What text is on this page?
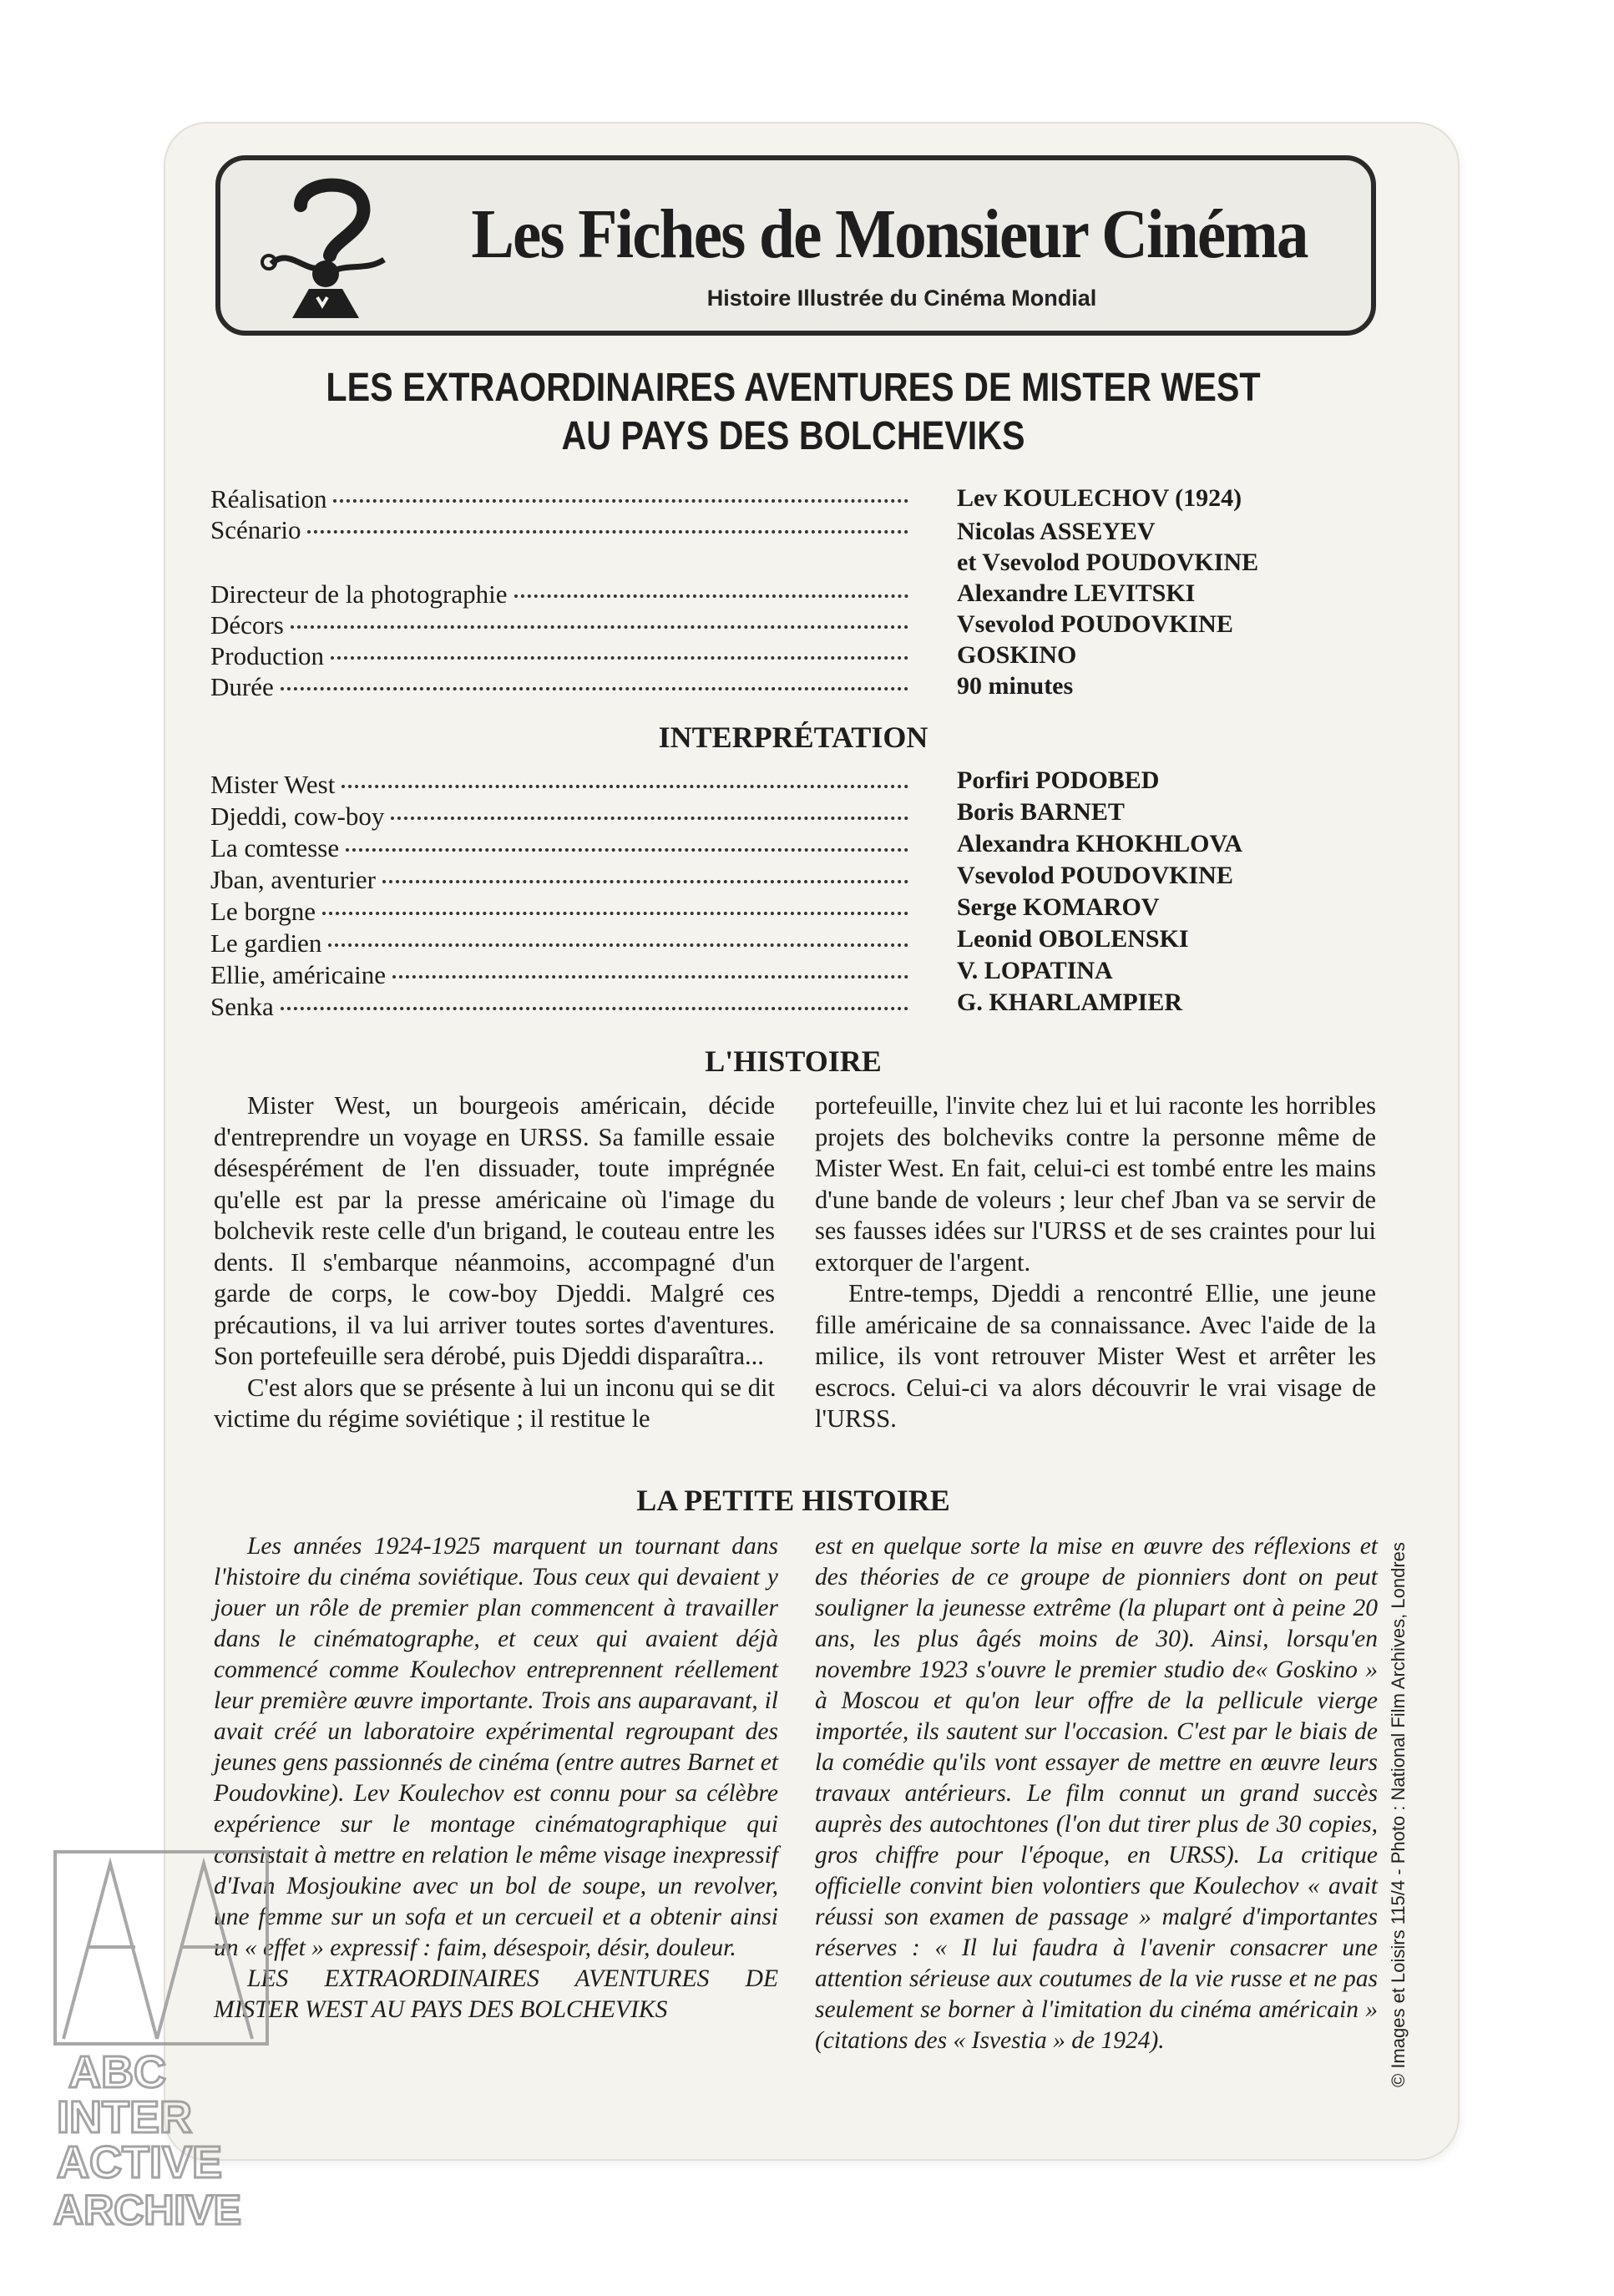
Les Fiches de Monsieur Cinéma
Histoire Illustrée du Cinéma Mondial
LES EXTRAORDINAIRES AVENTURES DE MISTER WEST
AU PAYS DES BOLCHEVIKS
Réalisation	Lev KOULECHOV (1924)
Scénario	Nicolas ASSEYEV
et Vsevolod POUDOVKINE
Directeur de la photographie	Alexandre LEVITSKI
Décors	Vsevolod POUDOVKINE
Production	GOSKINO
Durée	90 minutes
INTERPRÉTATION
Mister West	Porfiri PODOBED
Djeddi, cow-boy	Boris BARNET
La comtesse	Alexandra KHOKHLOVA
Jban, aventurier	Vsevolod POUDOVKINE
Le borgne	Serge KOMAROV
Le gardien	Leonid OBOLENSKI
Ellie, américaine	V. LOPATINA
Senka	G. KHARLAMPIER
L'HISTOIRE

Mister West, un bourgeois américain, décide d'entreprendre un voyage en URSS. Sa famille essaie désespérément de l'en dissuader, toute imprégnée qu'elle est par la presse américaine où l'image du bolchevik reste celle d'un brigand, le couteau entre les dents. Il s'embarque néanmoins, accompagné d'un garde de corps, le cow-boy Djeddi. Malgré ces précautions, il va lui arriver toutes sortes d'aventures. Son portefeuille sera dérobé, puis Djeddi disparaîtra...

C'est alors que se présente à lui un inconu qui se dit victime du régime soviétique ; il restitue le

portefeuille, l'invite chez lui et lui raconte les horribles projets des bolcheviks contre la personne même de Mister West. En fait, celui-ci est tombé entre les mains d'une bande de voleurs ; leur chef Jban va se servir de ses fausses idées sur l'URSS et de ses craintes pour lui extorquer de l'argent.

Entre-temps, Djeddi a rencontré Ellie, une jeune fille américaine de sa connaissance. Avec l'aide de la milice, ils vont retrouver Mister West et arrêter les escrocs. Celui-ci va alors découvrir le vrai visage de l'URSS.

LA PETITE HISTOIRE

Les années 1924-1925 marquent un tournant dans l'histoire du cinéma soviétique. Tous ceux qui devaient y jouer un rôle de premier plan commencent à travailler dans le cinématographe, et ceux qui avaient déjà commencé comme Koulechov entreprennent réellement leur première œuvre importante. Trois ans auparavant, il avait créé un laboratoire expérimental regroupant des jeunes gens passionnés de cinéma (entre autres Barnet et Poudovkine). Lev Koulechov est connu pour sa célèbre expérience sur le montage cinématographique qui consistait à mettre en relation le même visage inexpressif d'Ivan Mosjoukine avec un bol de soupe, un revolver, une femme sur un sofa et un cercueil et a obtenir ainsi un « effet » expressif : faim, désespoir, désir, douleur.

LES EXTRAORDINAIRES AVENTURES DE MISTER WEST AU PAYS DES BOLCHEVIKS

est en quelque sorte la mise en œuvre des réflexions et des théories de ce groupe de pionniers dont on peut souligner la jeunesse extrême (la plupart ont à peine 20 ans, les plus âgés moins de 30). Ainsi, lorsqu'en novembre 1923 s'ouvre le premier studio de« Goskino » à Moscou et qu'on leur offre de la pellicule vierge importée, ils sautent sur l'occasion. C'est par le biais de la comédie qu'ils vont essayer de mettre en œuvre leurs travaux antérieurs. Le film connut un grand succès auprès des autochtones (l'on dut tirer plus de 30 copies, gros chiffre pour l'époque, en URSS). La critique officielle convint bien volontiers que Koulechov « avait réussi son examen de passage » malgré d'importantes réserves : « Il lui faudra à l'avenir consacrer une attention sérieuse aux coutumes de la vie russe et ne pas seulement se borner à l'imitation du cinéma américain » (citations des « Isvestia » de 1924).	© Images et Loisirs 115/4 - Photo : National Film Archives, Londres
ABC
INTER
ACTIVE
ARCHIVE
